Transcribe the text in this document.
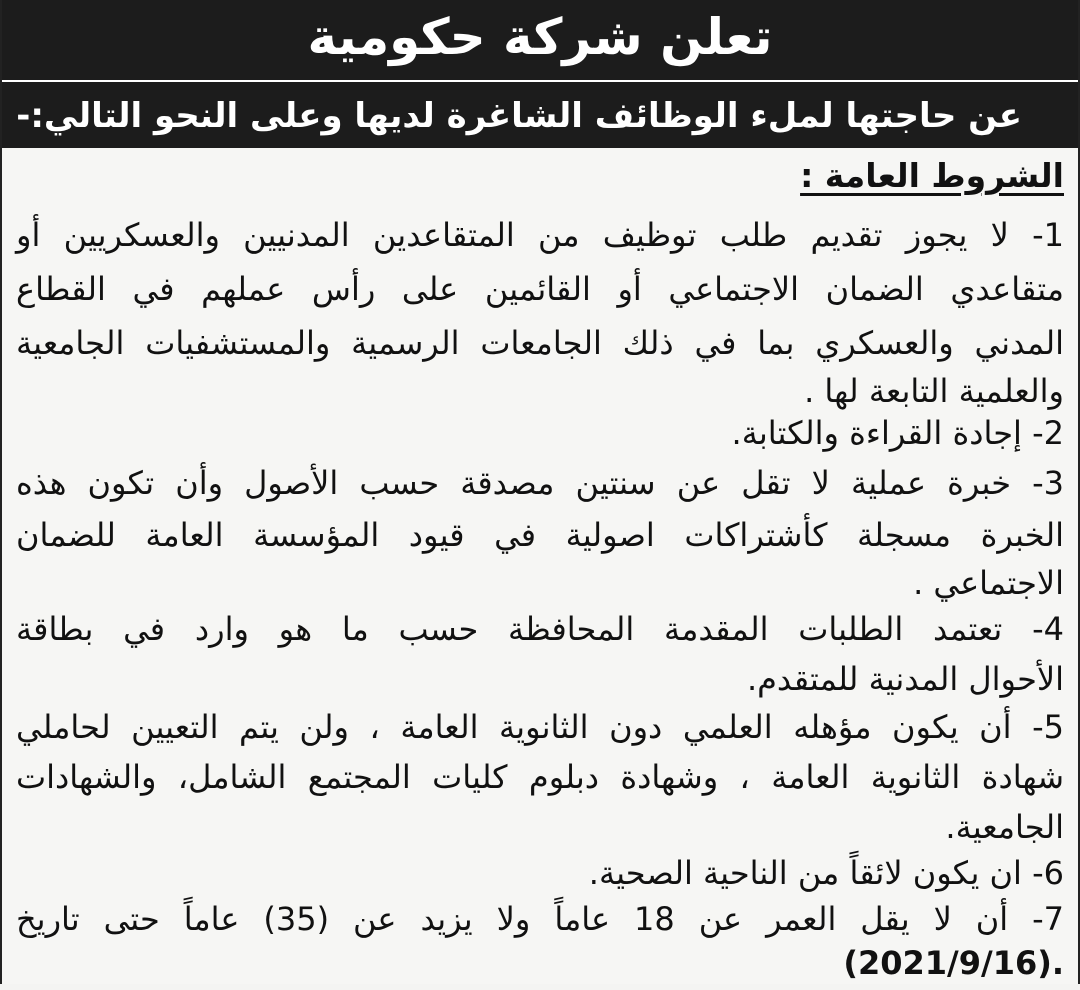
تعلن شركة حكومية
عن حاجتها لملء الوظائف الشاغرة لديها وعلى النحو التالي:-
الشروط العامة :
1- لا يجوز تقديم طلب توظيف من المتقاعدين المدنيين والعسكريين أو
متقاعدي الضمان الاجتماعي أو القائمين على رأس عملهم في القطاع
المدني والعسكري بما في ذلك الجامعات الرسمية والمستشفيات الجامعية
والعلمية التابعة لها .
2- إجادة القراءة والكتابة.
3- خبرة عملية لا تقل عن سنتين مصدقة حسب الأصول وأن تكون هذه
الخبرة مسجلة كأشتراكات اصولية في قيود المؤسسة العامة للضمان
الاجتماعي .
4- تعتمد الطلبات المقدمة المحافظة حسب ما هو وارد في بطاقة
الأحوال المدنية للمتقدم.
5- أن يكون مؤهله العلمي دون الثانوية العامة ، ولن يتم التعيين لحاملي
شهادة الثانوية العامة ، وشهادة دبلوم كليات المجتمع الشامل، والشهادات
الجامعية.
6- ان يكون لائقاً من الناحية الصحية.
7- أن لا يقل العمر عن 18 عاماً ولا يزيد عن (35) عاماً حتى تاريخ
(2021/9/16).
